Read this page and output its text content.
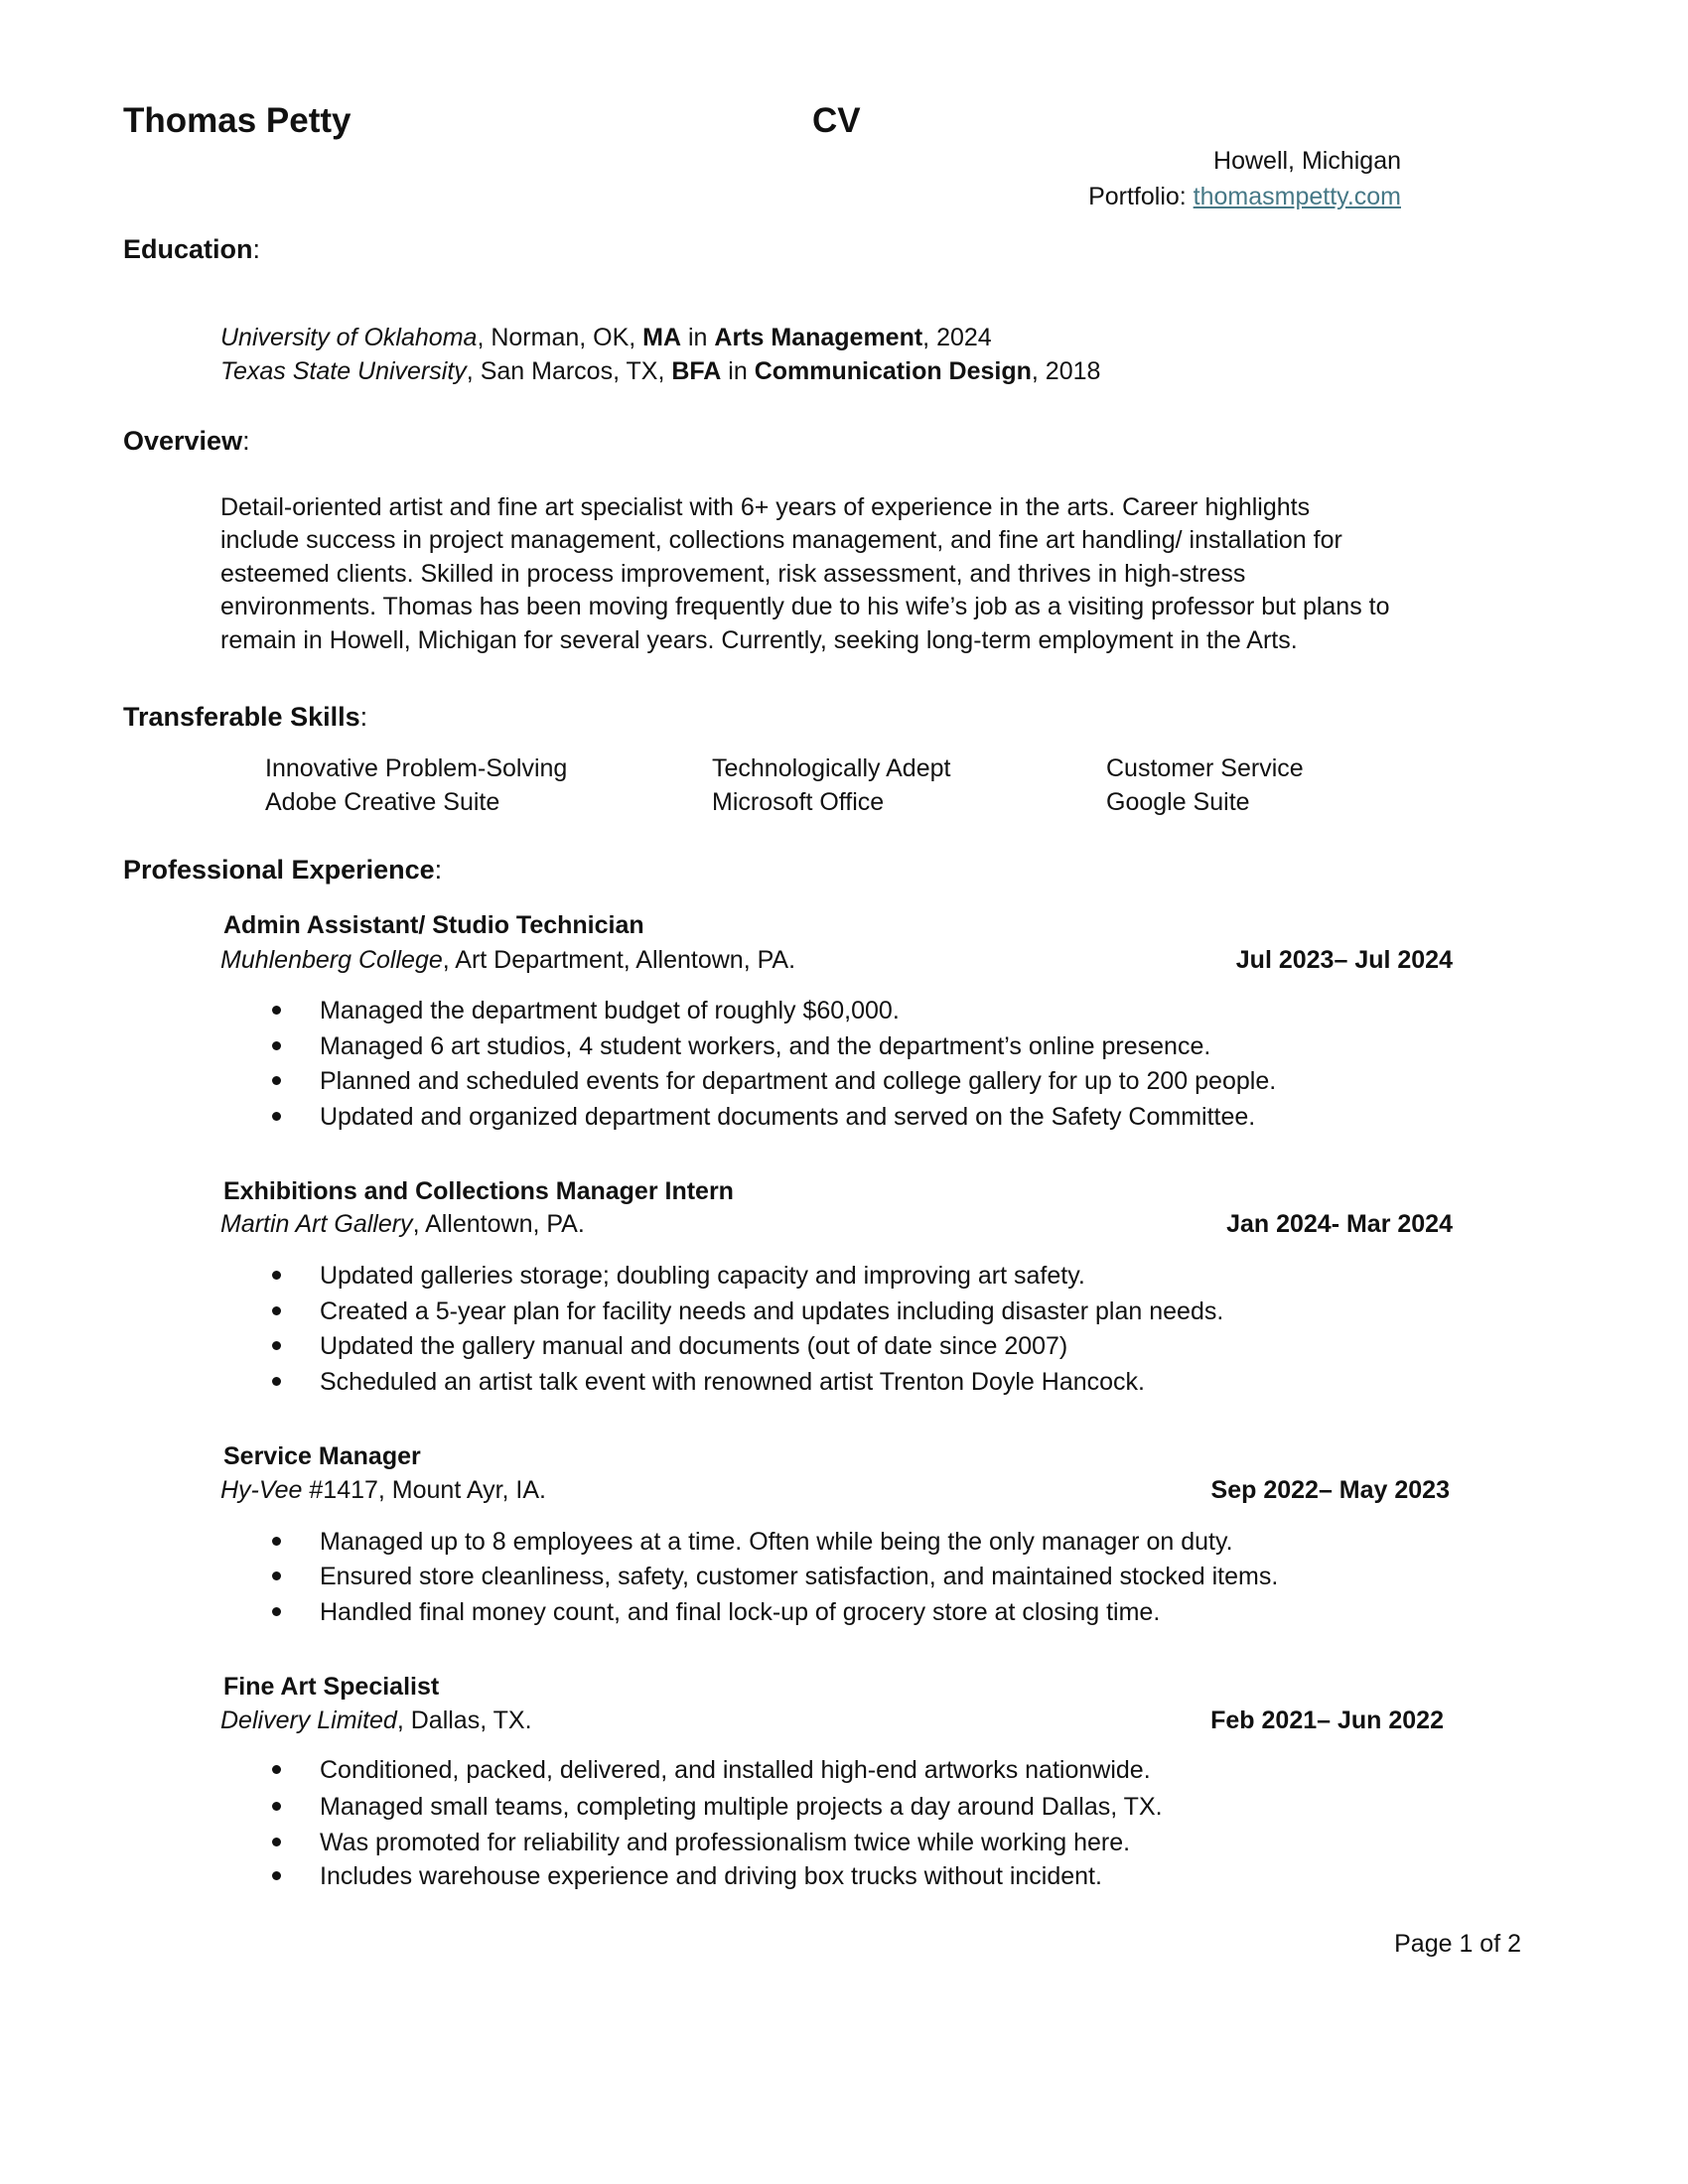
Thomas Petty	CV
Howell, Michigan
Portfolio: thomasmpetty.com
Education:
University of Oklahoma, Norman, OK, MA in Arts Management, 2024
Texas State University, San Marcos, TX, BFA in Communication Design, 2018
Overview:
Detail-oriented artist and fine art specialist with 6+ years of experience in the arts. Career highlights
include success in project management, collections management, and fine art handling/ installation for
esteemed clients. Skilled in process improvement, risk assessment, and thrives in high-stress
environments. Thomas has been moving frequently due to his wife’s job as a visiting professor but plans to
remain in Howell, Michigan for several years. Currently, seeking long-term employment in the Arts.
Transferable Skills:
Innovative Problem-Solving	Technologically Adept	Customer Service
Adobe Creative Suite	Microsoft Office	Google Suite
Professional Experience:
Admin Assistant/ Studio Technician
Muhlenberg College, Art Department, Allentown, PA.	Jul 2023– Jul 2024
Managed the department budget of roughly $60,000.
Managed 6 art studios, 4 student workers, and the department’s online presence.
Planned and scheduled events for department and college gallery for up to 200 people.
Updated and organized department documents and served on the Safety Committee.
Exhibitions and Collections Manager Intern
Martin Art Gallery, Allentown, PA.	Jan 2024- Mar 2024
Updated galleries storage; doubling capacity and improving art safety.
Created a 5-year plan for facility needs and updates including disaster plan needs.
Updated the gallery manual and documents (out of date since 2007)
Scheduled an artist talk event with renowned artist Trenton Doyle Hancock.
Service Manager
Hy-Vee #1417, Mount Ayr, IA.	Sep 2022– May 2023
Managed up to 8 employees at a time. Often while being the only manager on duty.
Ensured store cleanliness, safety, customer satisfaction, and maintained stocked items.
Handled final money count, and final lock-up of grocery store at closing time.
Fine Art Specialist
Delivery Limited, Dallas, TX.	Feb 2021– Jun 2022
Conditioned, packed, delivered, and installed high-end artworks nationwide.
Managed small teams, completing multiple projects a day around Dallas, TX.
Was promoted for reliability and professionalism twice while working here.
Includes warehouse experience and driving box trucks without incident.
Page 1 of 2
